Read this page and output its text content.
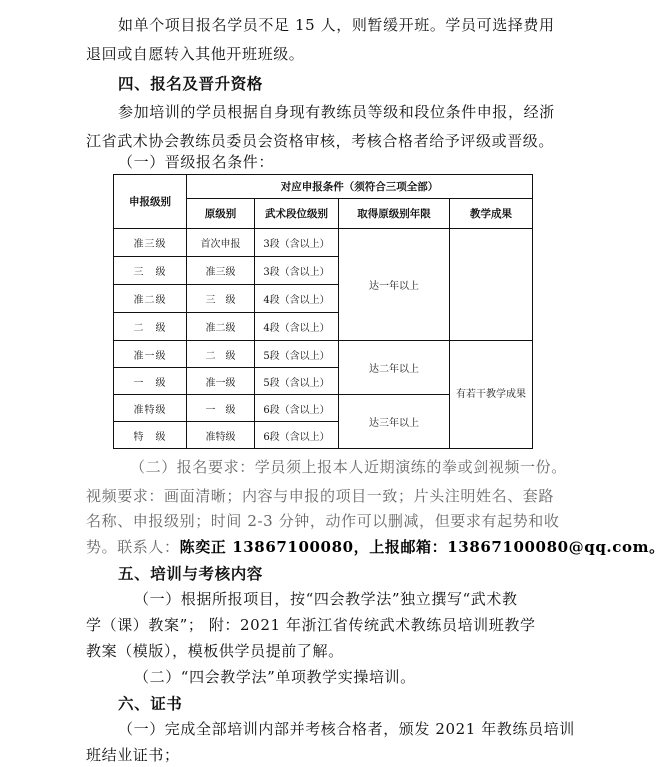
如单个项目报名学员不足 15 人，则暂缓开班。学员可选择费用
退回或自愿转入其他开班班级。
四、报名及晋升资格
参加培训的学员根据自身现有教练员等级和段位条件申报，经浙
江省武术协会教练员委员会资格审核，考核合格者给予评级或晋级。
（一）晋级报名条件：
申报级别	对应申报条件（须符合三项全部）			
	原级别	武术段位级别	取得原级别年限	教学成果
准三级	首次申报	3段（含以上）	达一年以上	
三　级	准三级	3段（含以上）		
准二级	三　级	4段（含以上）		
二　级	准二级	4段（含以上）		
准一级	二　级	5段（含以上）	达二年以上	有若干教学成果
一　级	准一级	5段（含以上）		
准特级	一　级	6段（含以上）	达三年以上	
特　级	准特级	6段（含以上）		
（二）报名要求：学员须上报本人近期演练的拳或剑视频一份。
视频要求：画面清晰；内容与申报的项目一致；片头注明姓名、套路
名称、申报级别；时间 2-3 分钟，动作可以删减，但要求有起势和收
势。联系人：陈奕正 13867100080，上报邮箱：13867100080@qq.com。
五、培训与考核内容
（一）根据所报项目，按“四会教学法”独立撰写“武术教
学（课）教案”； 附：2021 年浙江省传统武术教练员培训班教学
教案（模版），模板供学员提前了解。
（二）“四会教学法”单项教学实操培训。
六、证书
（一）完成全部培训内部并考核合格者，颁发 2021 年教练员培训
班结业证书；
